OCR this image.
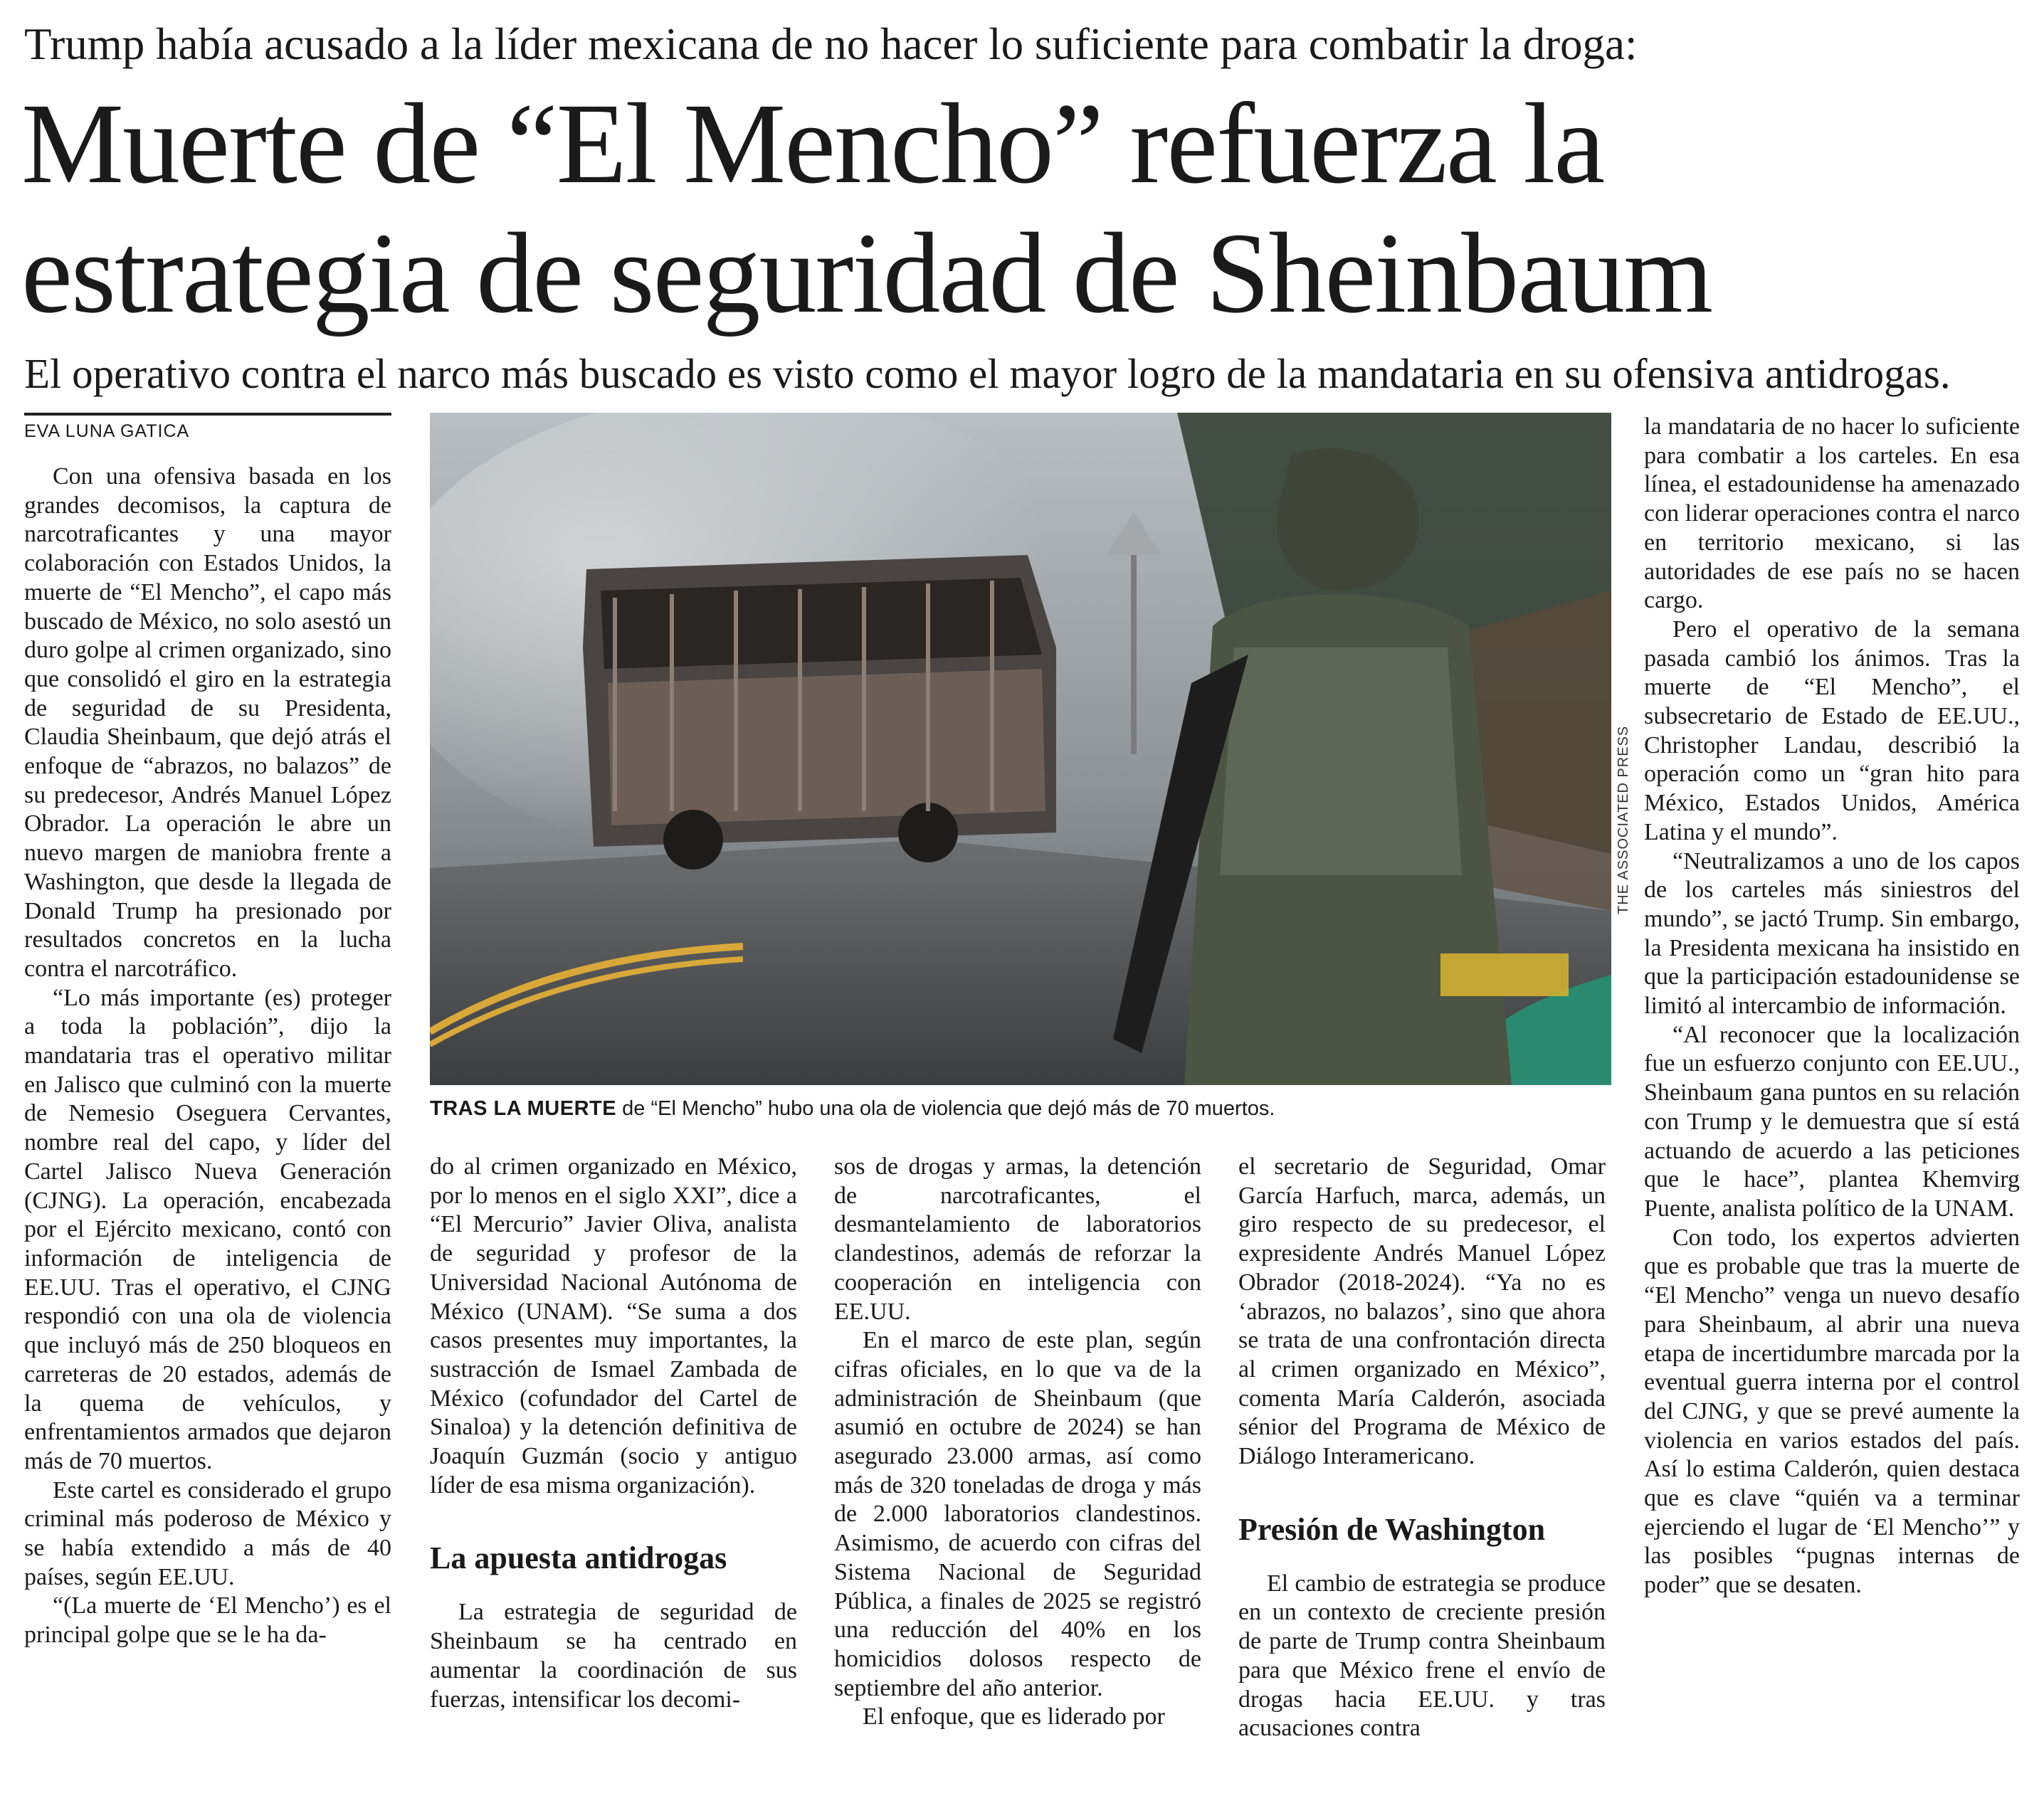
Trump había acusado a la líder mexicana de no hacer lo suficiente para combatir la droga:
Muerte de “El Mencho” refuerza la
estrategia de seguridad de Sheinbaum
El operativo contra el narco más buscado es visto como el mayor logro de la mandataria en su ofensiva antidrogas.
EVA LUNA GATICA

Con una ofensiva basada en los grandes decomisos, la captura de narcotraficantes y una mayor colaboración con Estados Unidos, la muerte de “El Mencho”, el capo más buscado de México, no solo asestó un duro golpe al crimen organizado, sino que consolidó el giro en la estrategia de seguridad de su Presidenta, Claudia Sheinbaum, que dejó atrás el enfoque de “abrazos, no balazos” de su predecesor, Andrés Manuel López Obrador. La operación le abre un nuevo margen de maniobra frente a Washington, que desde la llegada de Donald Trump ha presionado por resultados concretos en la lucha contra el narcotráfico.

“Lo más importante (es) proteger a toda la población”, dijo la mandataria tras el operativo militar en Jalisco que culminó con la muerte de Nemesio Oseguera Cervantes, nombre real del capo, y líder del Cartel Jalisco Nueva Generación (CJNG). La operación, encabezada por el Ejército mexicano, contó con información de inteligencia de EE.UU. Tras el operativo, el CJNG respondió con una ola de violencia que incluyó más de 250 bloqueos en carreteras de 20 estados, además de la quema de vehículos, y enfrentamientos armados que dejaron más de 70 muertos.

Este cartel es considerado el grupo criminal más poderoso de México y se había extendido a más de 40 países, según EE.UU.

“(La muerte de ‘El Mencho’) es el principal golpe que se le ha da-

THE ASSOCIATED PRESS
TRAS LA MUERTE de “El Mencho” hubo una ola de violencia que dejó más de 70 muertos.

do al crimen organizado en México, por lo menos en el siglo XXI”, dice a “El Mercurio” Javier Oliva, analista de seguridad y profesor de la Universidad Nacional Autónoma de México (UNAM). “Se suma a dos casos presentes muy importantes, la sustracción de Ismael Zambada de México (cofundador del Cartel de Sinaloa) y la detención definitiva de Joaquín Guzmán (socio y antiguo líder de esa misma organización).

La apuesta antidrogas

La estrategia de seguridad de Sheinbaum se ha centrado en aumentar la coordinación de sus fuerzas, intensificar los decomi-

sos de drogas y armas, la detención de narcotraficantes, el desmantelamiento de laboratorios clandestinos, además de reforzar la cooperación en inteligencia con EE.UU.

En el marco de este plan, según cifras oficiales, en lo que va de la administración de Sheinbaum (que asumió en octubre de 2024) se han asegurado 23.000 armas, así como más de 320 toneladas de droga y más de 2.000 laboratorios clandestinos. Asimismo, de acuerdo con cifras del Sistema Nacional de Seguridad Pública, a finales de 2025 se registró una reducción del 40% en los homicidios dolosos respecto de septiembre del año anterior.

El enfoque, que es liderado por

el secretario de Seguridad, Omar García Harfuch, marca, además, un giro respecto de su predecesor, el expresidente Andrés Manuel López Obrador (2018-2024). “Ya no es ‘abrazos, no balazos’, sino que ahora se trata de una confrontación directa al crimen organizado en México”, comenta María Calderón, asociada sénior del Programa de México de Diálogo Interamericano.

Presión de Washington

El cambio de estrategia se produce en un contexto de creciente presión de parte de Trump contra Sheinbaum para que México frene el envío de drogas hacia EE.UU. y tras acusaciones contra

la mandataria de no hacer lo suficiente para combatir a los carteles. En esa línea, el estadounidense ha amenazado con liderar operaciones contra el narco en territorio mexicano, si las autoridades de ese país no se hacen cargo.

Pero el operativo de la semana pasada cambió los ánimos. Tras la muerte de “El Mencho”, el subsecretario de Estado de EE.UU., Christopher Landau, describió la operación como un “gran hito para México, Estados Unidos, América Latina y el mundo”.

“Neutralizamos a uno de los capos de los carteles más siniestros del mundo”, se jactó Trump. Sin embargo, la Presidenta mexicana ha insistido en que la participación estadounidense se limitó al intercambio de información.

“Al reconocer que la localización fue un esfuerzo conjunto con EE.UU., Sheinbaum gana puntos en su relación con Trump y le demuestra que sí está actuando de acuerdo a las peticiones que le hace”, plantea Khemvirg Puente, analista político de la UNAM.

Con todo, los expertos advierten que es probable que tras la muerte de “El Mencho” venga un nuevo desafío para Sheinbaum, al abrir una nueva etapa de incertidumbre marcada por la eventual guerra interna por el control del CJNG, y que se prevé aumente la violencia en varios estados del país. Así lo estima Calderón, quien destaca que es clave “quién va a terminar ejerciendo el lugar de ‘El Mencho’” y las posibles “pugnas internas de poder” que se desaten.
